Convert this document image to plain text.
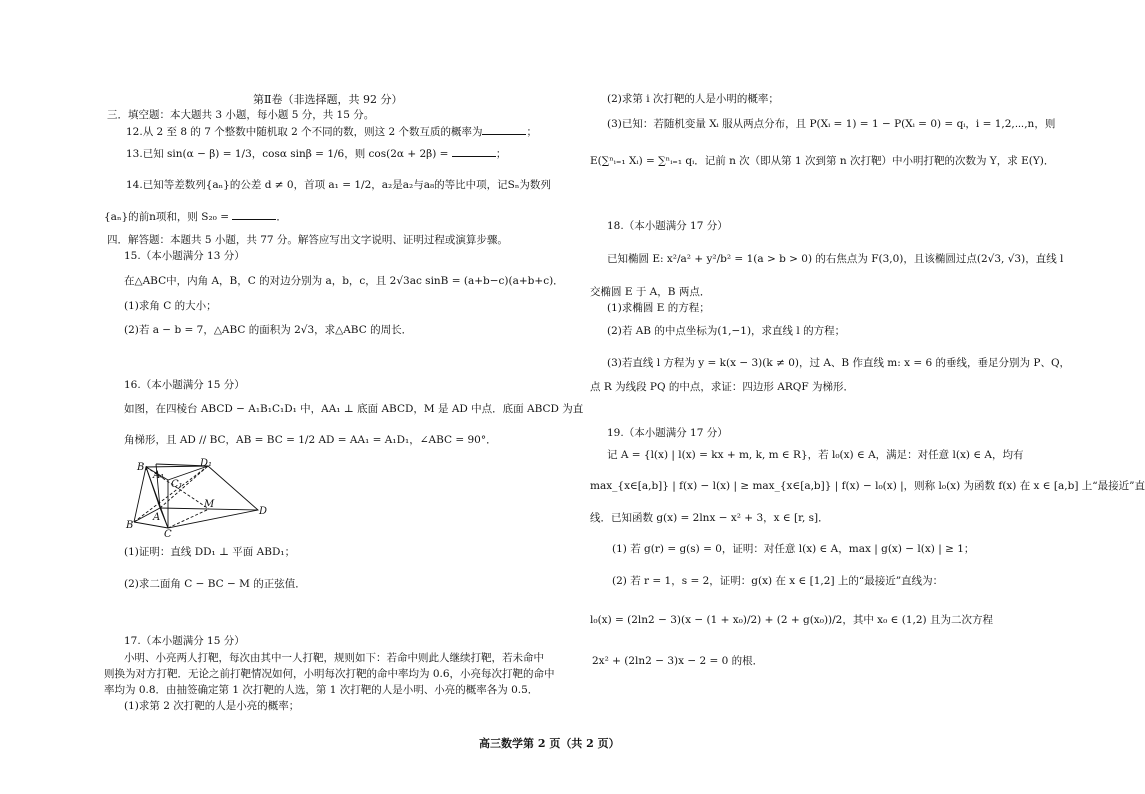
第Ⅱ卷（非选择题，共 92 分）
三．填空题：本大题共 3 小题，每小题 5 分，共 15 分。
12.从 2 至 8 的 7 个整数中随机取 2 个不同的数，则这 2 个数互质的概率为	；
13.已知 sin(α − β) = 1/3，cosα sinβ = 1/6，则 cos(2α + 2β) =	；
14.已知等差数列{aₙ}的公差 d ≠ 0，首项 a₁ = 1/2，a₂是a₂与a₈的等比中项，记Sₙ为数列
{aₙ}的前n项和，则 S₂₀ =	．
四．解答题：本题共 5 小题，共 77 分。解答应写出文字说明、证明过程或演算步骤。
15.（本小题满分 13 分）
在△ABC中，内角 A，B，C 的对边分别为 a，b，c，且 2√3ac sinB = (a+b−c)(a+b+c)．
(1)求角 C 的大小；
(2)若 a − b = 7，△ABC 的面积为 2√3，求△ABC 的周长．
16.（本小题满分 15 分）
如图，在四棱台 ABCD − A₁B₁C₁D₁ 中，AA₁ ⊥ 底面 ABCD，M 是 AD 中点．底面 ABCD 为直
角梯形，且 AD // BC，AB = BC = 1/2 AD = AA₁ = A₁D₁，∠ABC = 90°．
B₁	D₁
A₁
C₁
M
A
D
B
C
(1)证明：直线 DD₁ ⊥ 平面 ABD₁；
(2)求二面角 C − BC − M 的正弦值．
17.（本小题满分 15 分）
小明、小亮两人打靶，每次由其中一人打靶，规则如下：若命中则此人继续打靶，若未命中
则换为对方打靶．无论之前打靶情况如何，小明每次打靶的命中率均为 0.6，小亮每次打靶的命中
率均为 0.8．由抽签确定第 1 次打靶的人选，第 1 次打靶的人是小明、小亮的概率各为 0.5．
(1)求第 2 次打靶的人是小亮的概率；
(2)求第 i 次打靶的人是小明的概率；
(3)已知：若随机变量 Xᵢ 服从两点分布，且 P(Xᵢ = 1) = 1 − P(Xᵢ = 0) = qᵢ，i = 1,2,⋯,n，则
E(∑ⁿᵢ₌₁ Xᵢ) = ∑ⁿᵢ₌₁ qᵢ．记前 n 次（即从第 1 次到第 n 次打靶）中小明打靶的次数为 Y，求 E(Y)．
18.（本小题满分 17 分）
已知椭圆 E: x²/a² + y²/b² = 1(a > b > 0) 的右焦点为 F(3,0)，且该椭圆过点(2√3, √3)，直线 l
交椭圆 E 于 A，B 两点．
(1)求椭圆 E 的方程；
(2)若 AB 的中点坐标为(1,−1)，求直线 l 的方程；
(3)若直线 l 方程为 y = k(x − 3)(k ≠ 0)，过 A、B 作直线 m: x = 6 的垂线，垂足分别为 P、Q，
点 R 为线段 PQ 的中点，求证：四边形 ARQF 为梯形．
19.（本小题满分 17 分）
记 A = {l(x) | l(x) = kx + m, k, m ∈ R}，若 l₀(x) ∈ A，满足：对任意 l(x) ∈ A，均有
max_{x∈[a,b]} | f(x) − l(x) | ≥ max_{x∈[a,b]} | f(x) − l₀(x) |，则称 l₀(x) 为函数 f(x) 在 x ∈ [a,b] 上“最接近”直
线．已知函数 g(x) = 2lnx − x² + 3，x ∈ [r, s]．
(1) 若 g(r) = g(s) = 0，证明：对任意 l(x) ∈ A，max | g(x) − l(x) | ≥ 1；
(2) 若 r = 1，s = 2，证明：g(x) 在 x ∈ [1,2] 上的“最接近”直线为：
l₀(x) = (2ln2 − 3)(x − (1 + x₀)/2) + (2 + g(x₀))/2，其中 x₀ ∈ (1,2) 且为二次方程
2x² + (2ln2 − 3)x − 2 = 0 的根．
高三数学第 2 页（共 2 页）
